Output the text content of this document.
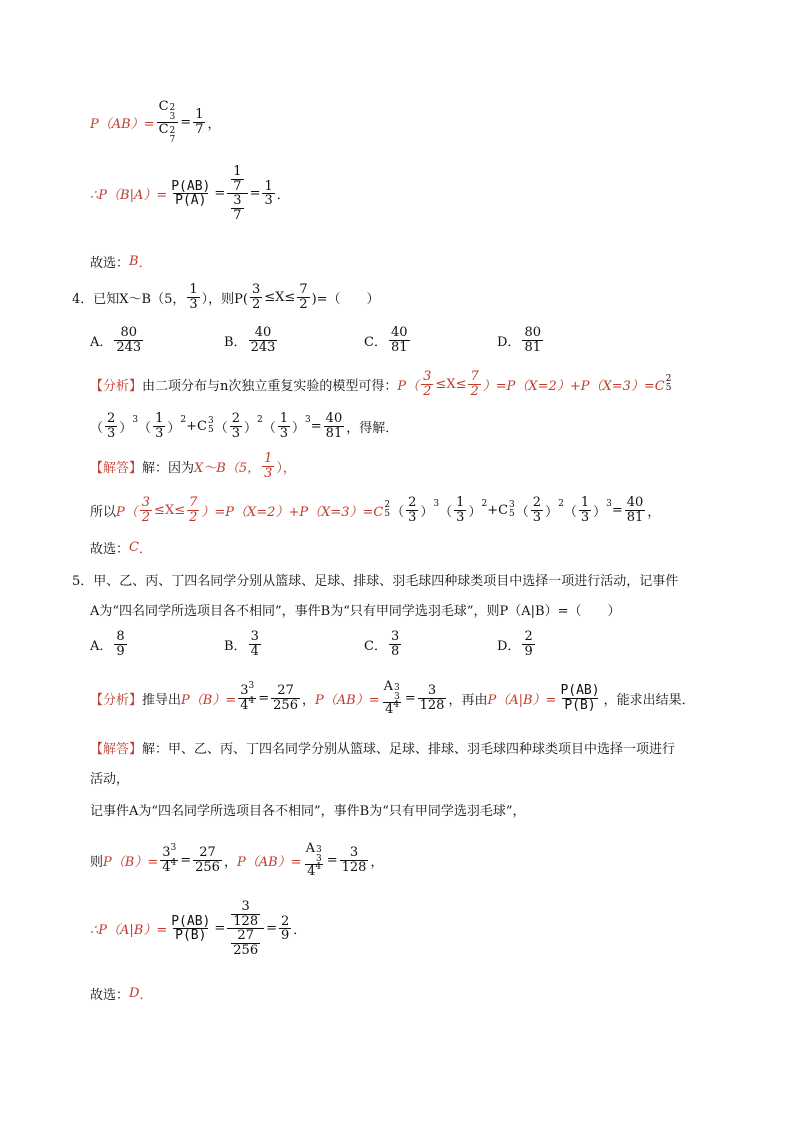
P（AB）= C 2
3
C 2
$7 = \frac{1}{7}$ ，
∴P（B|A）= $\frac{P(AB)}{P(A)} = \frac{\frac{1}{7}}{\frac{3}{7}} = \frac{1}{3}$ ．
故选： B ．
4． 已知X～B（5， $\frac{1}{3}$ ），则$P( \frac{3}{2} \le X\le \frac{7}{2}$ )=（　　）
A． $\frac{80}{243}$	B． $\frac{40}{243}$	C． $\frac{40}{81}$	D． $\frac{80}{81}$
【分析】 由二项分布与n次独立重复实验的模型可得： $P( \frac{3}{2} \le X\le \frac{7}{2}$ ）= P（X=2）+P（X=3）=C 2
5
（ $\frac{2}{3}$ ）
3
（ $\frac{1}{3}$ ）
2 +C 3
5 （ $\frac{2}{3}$ ）
2
（ $\frac{1}{3}$ ）
$3 = \frac{40}{81}$ ，得解．
【解答】 解：因为 X～B（5， $\frac{1}{3}$ ），
所以 $P( \frac{3}{2} \le X\le \frac{7}{2}$ ）= P（X=2）+P（X=3）=C 2
5 （ $\frac{2}{3}$ ）
3
（ $\frac{1}{3}$ ）
2 +C 3
5 （ $\frac{2}{3}$ ）
2
（ $\frac{1}{3}$ ）
$3 = \frac{40}{81}$ ，
故选： C ．
5． 甲、乙、丙、丁四名同学分别从篮球、足球、排球、羽毛球四种球类项目中选择一项进行活动，记事件
A为“四名同学所选项目各不相同”，事件B为“只有甲同学选羽毛球”，则P（A|B）=（　　）
A． $\frac{8}{9}$	B． $\frac{3}{4}$	C． $\frac{3}{8}$	D． $\frac{2}{9}$
【分析】 推导出 $P(B)= \frac{3^3}{4^4} = \frac{27}{256}$ ， P（AB）= A 3
3
$4^4 = \frac{3}{128}$ ，再由 $P(A|B)= \frac{P(AB)}{P(B)}$ ，能求出结果．
【解答】 解：甲、乙、丙、丁四名同学分别从篮球、足球、排球、羽毛球四种球类项目中选择一项进行
活动，
记事件A为“四名同学所选项目各不相同”，事件B为“只有甲同学选羽毛球”，
则 $P(B)= \frac{3^3}{4^4} = \frac{27}{256}$ ， P（AB）= A 3
3
$4^4 = \frac{3}{128}$ ，
∴P（A|B）= $\frac{P(AB)}{P(B)} = \frac{\frac{3}{128}}{\frac{27}{256}} = \frac{2}{9}$ ．
故选： D ．
